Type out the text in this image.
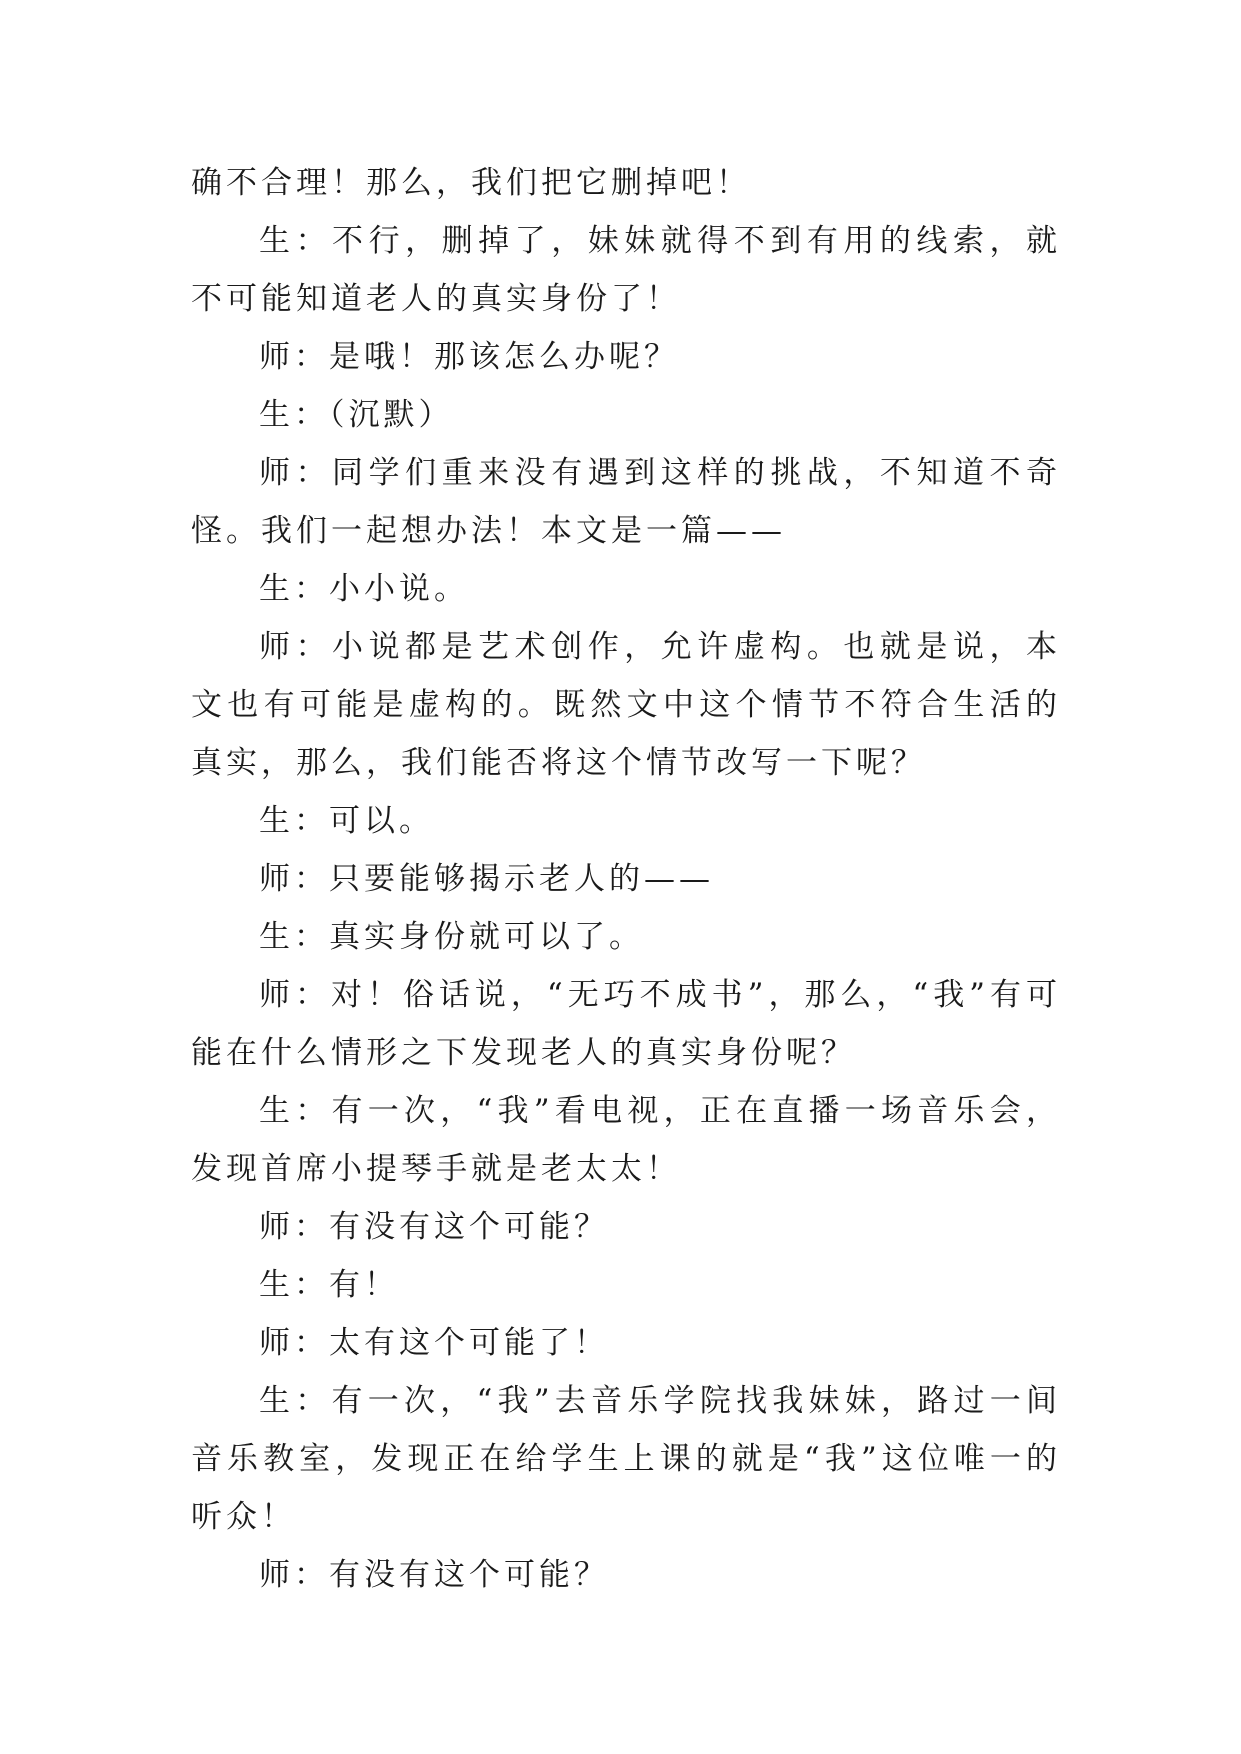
确不合理！那么，我们把它删掉吧！

生：不行，删掉了，妹妹就得不到有用的线索，就不可能知道老人的真实身份了！

师：是哦！那该怎么办呢？

生：（沉默）

师：同学们重来没有遇到这样的挑战，不知道不奇怪。我们一起想办法！本文是一篇——

生：小小说。

师：小说都是艺术创作，允许虚构。也就是说，本文也有可能是虚构的。既然文中这个情节不符合生活的真实，那么，我们能否将这个情节改写一下呢？

生：可以。

师：只要能够揭示老人的——

生：真实身份就可以了。

师：对！俗话说，“无巧不成书”，那么，“我”有可能在什么情形之下发现老人的真实身份呢？

生：有一次，“我”看电视，正在直播一场音乐会，发现首席小提琴手就是老太太！

师：有没有这个可能？

生：有！

师：太有这个可能了！

生：有一次，“我”去音乐学院找我妹妹，路过一间音乐教室，发现正在给学生上课的就是“我”这位唯一的听众！

师：有没有这个可能？
